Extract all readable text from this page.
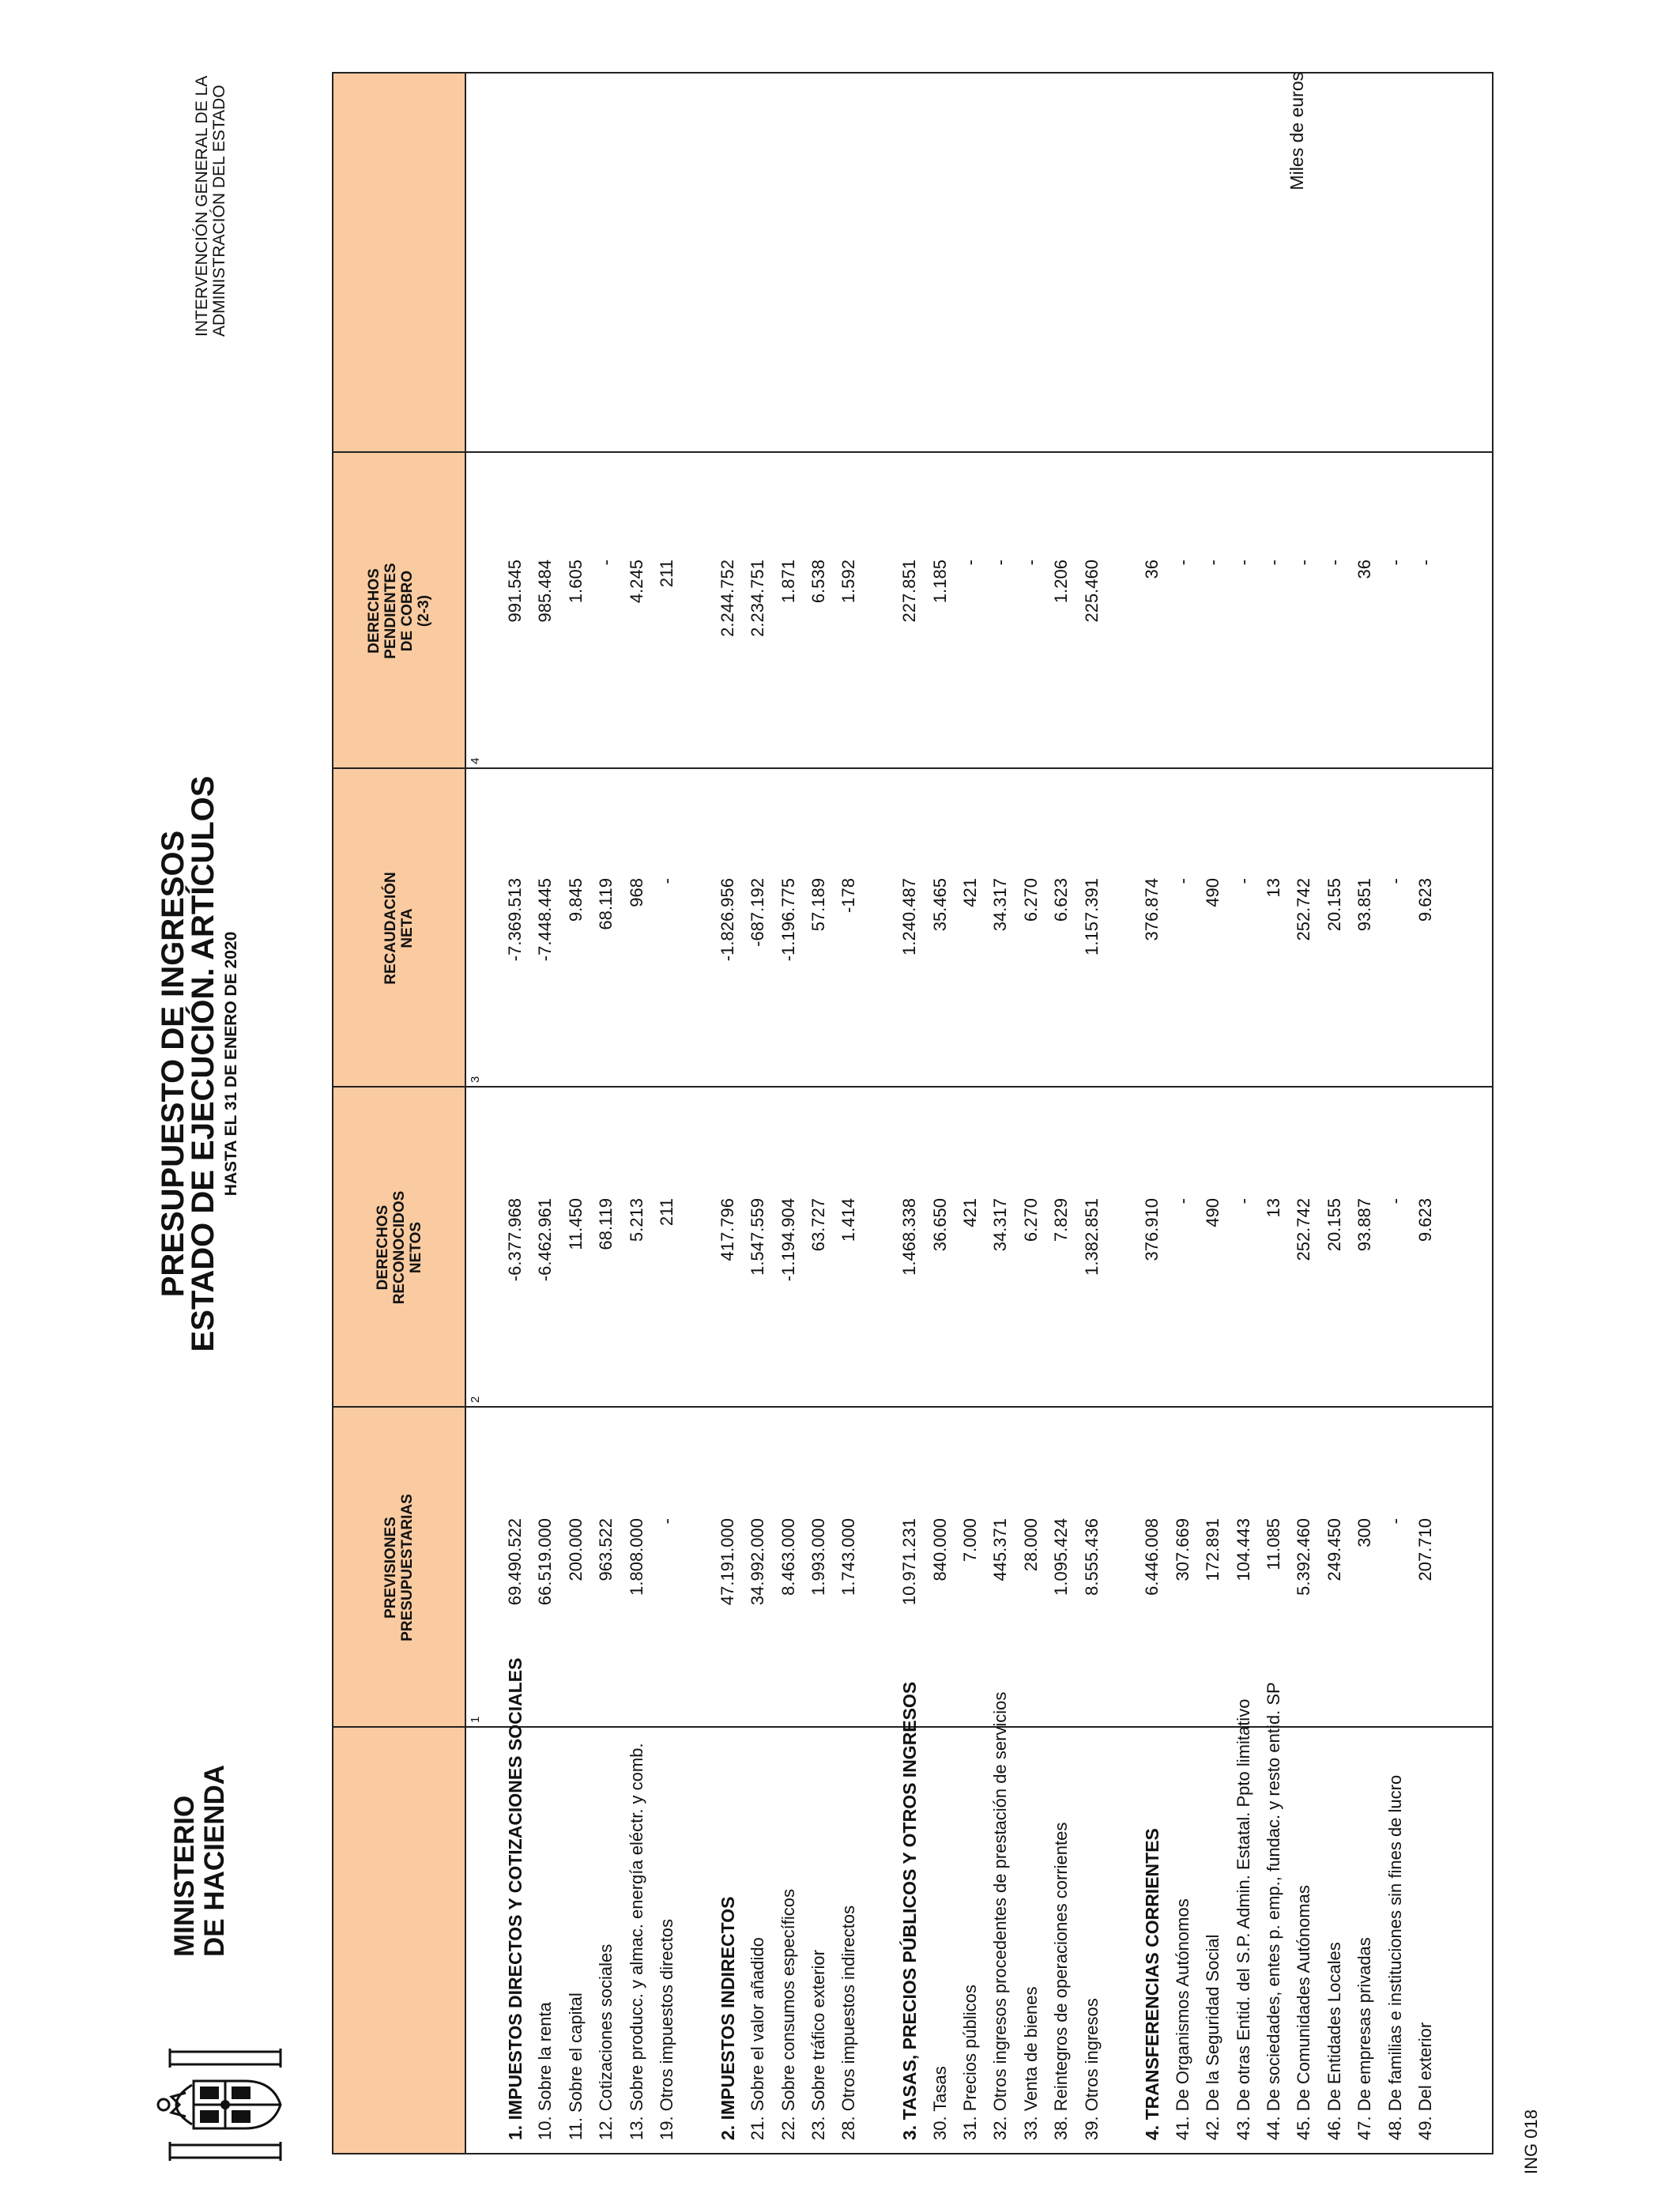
MINISTERIO DE HACIENDA
PRESUPUESTO DE INGRESOS
ESTADO DE EJECUCIÓN. ARTÍCULOS HASTA EL 31 DE ENERO DE 2020
INTERVENCIÓN GENERAL DE LA ADMINISTRACIÓN DEL ESTADO	Miles de euros
PREVISIONES PRESUPUESTARIAS
DERECHOS RECONOCIDOS NETOS
RECAUDACIÓN NETA
DERECHOS PENDIENTES DE COBRO (2-3)
1
2
3
4
1. IMPUESTOS DIRECTOS Y COTIZACIONES SOCIALES
69.490.522
-6.377.968
-7.369.513
991.545
10. Sobre la renta
66.519.000
-6.462.961
-7.448.445
985.484
11. Sobre el capital
200.000
11.450
9.845
1.605
12. Cotizaciones sociales
963.522
68.119
68.119
-
13. Sobre producc. y almac. energía eléctr. y comb.
1.808.000
5.213
968
4.245
19. Otros impuestos directos
-
211
-
211
2. IMPUESTOS INDIRECTOS
47.191.000
417.796
-1.826.956
2.244.752
21. Sobre el valor añadido
34.992.000
1.547.559
-687.192
2.234.751
22. Sobre consumos específicos
8.463.000
-1.194.904
-1.196.775
1.871
23. Sobre tráfico exterior
1.993.000
63.727
57.189
6.538
28. Otros impuestos indirectos
1.743.000
1.414
-178
1.592
3. TASAS, PRECIOS PÚBLICOS Y OTROS INGRESOS
10.971.231
1.468.338
1.240.487
227.851
30. Tasas
840.000
36.650
35.465
1.185
31. Precios públicos
7.000
421
421
-
32. Otros ingresos procedentes de prestación de servicios
445.371
34.317
34.317
-
33. Venta de bienes
28.000
6.270
6.270
-
38. Reintegros de operaciones corrientes
1.095.424
7.829
6.623
1.206
39. Otros ingresos
8.555.436
1.382.851
1.157.391
225.460
4. TRANSFERENCIAS CORRIENTES
6.446.008
376.910
376.874
36
41. De Organismos Autónomos
307.669
-
-
-
42. De la Seguridad Social
172.891
490
490
-
43. De otras Entid. del S.P. Admin. Estatal. Ppto limitativo
104.443
-
-
-
44. De sociedades, entes p. emp., fundac. y resto entid. SP
11.085
13
13
-
45. De Comunidades Autónomas
5.392.460
252.742
252.742
-
46. De Entidades Locales
249.450
20.155
20.155
-
47. De empresas privadas
300
93.887
93.851
36
48. De familias e instituciones sin fines de lucro
-
-
-
-
49. Del exterior
207.710
9.623
9.623
-
ING 018
